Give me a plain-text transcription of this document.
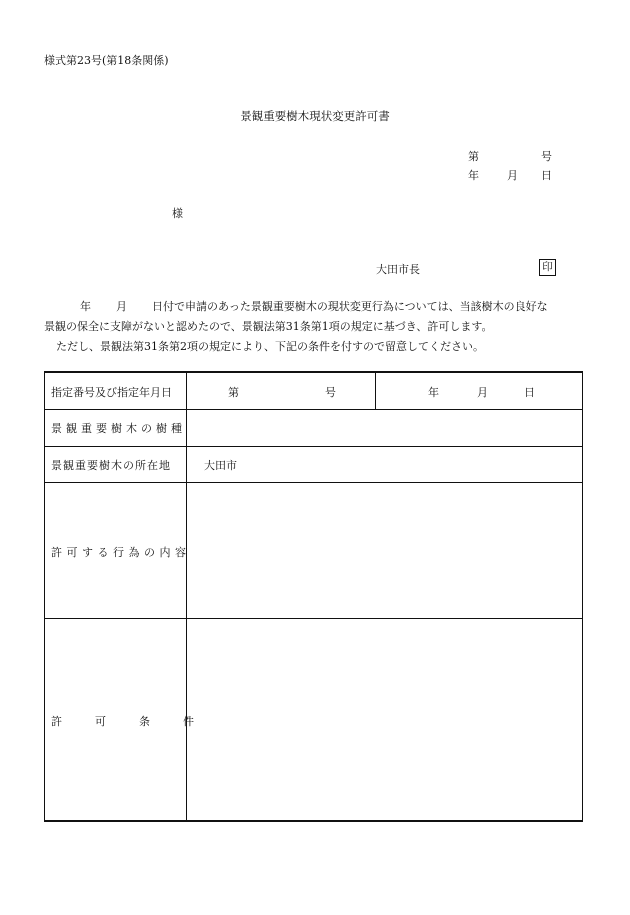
様式第23号(第18条関係)
景観重要樹木現状変更許可書
第	号
年	月 日
様
大田市長	印
年 月 日付で申請のあった景観重要樹木の現状変更行為については、当該樹木の良好な
景観の保全に支障がないと認めたので、景観法第31条第1項の規定に基づき、許可します。
ただし、景観法第31条第2項の規定により、下記の条件を付すので留意してください。
指定番号及び指定年月日	第	号	年	月	日
景観重要樹木の樹種
景観重要樹木の所在地	大田市
許可する行為の内容
許可条件
